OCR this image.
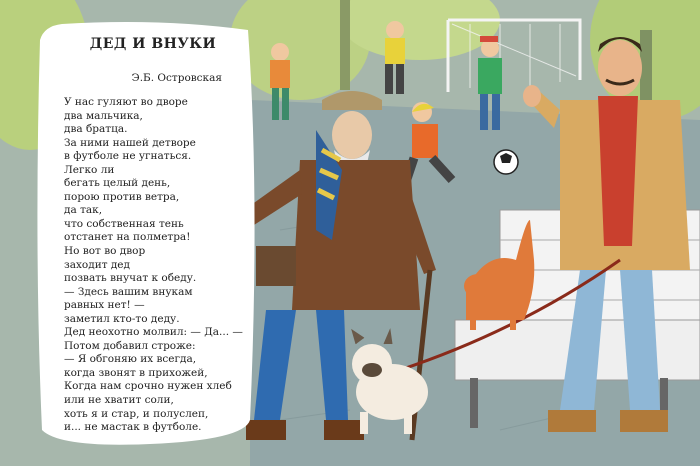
ДЕД И ВНУКИ

Э.Б. Островская

У нас гуляют во дворе
два мальчика,
два братца.
За ними нашей детворе
в футболе не угнаться.
Легко ли
бегать целый день,
порою против ветра,
да так,
что собственная тень
отстанет на полметра!
Но вот во двор
заходит дед
позвать внучат к обеду.
— Здесь вашим внукам
равных нет! —
заметил кто-то деду.
Дед неохотно молвил: — Да... —
Потом добавил строже:
— Я обгоняю их всегда,
когда звонят в прихожей,
Когда нам срочно нужен хлеб
или не хватит соли,
хоть я и стар, и полуслеп,
и... не мастак в футболе.
